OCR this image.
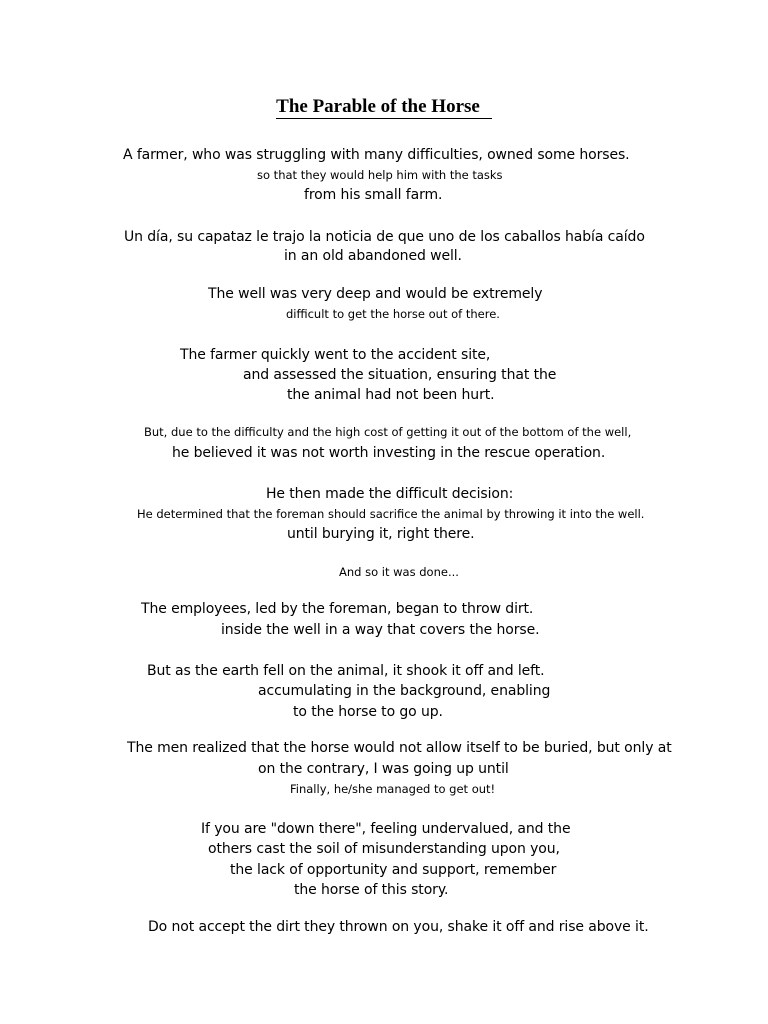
The Parable of the Horse
A farmer, who was struggling with many difficulties, owned some horses.
so that they would help him with the tasks
from his small farm.
Un día, su capataz le trajo la noticia de que uno de los caballos había caído
in an old abandoned well.
The well was very deep and would be extremely
difficult to get the horse out of there.
The farmer quickly went to the accident site,
and assessed the situation, ensuring that the
the animal had not been hurt.
But, due to the difficulty and the high cost of getting it out of the bottom of the well,
he believed it was not worth investing in the rescue operation.
He then made the difficult decision:
He determined that the foreman should sacrifice the animal by throwing it into the well.
until burying it, right there.
And so it was done...
The employees, led by the foreman, began to throw dirt.
inside the well in a way that covers the horse.
But as the earth fell on the animal, it shook it off and left.
accumulating in the background, enabling
to the horse to go up.
The men realized that the horse would not allow itself to be buried, but only at
on the contrary, I was going up until
Finally, he/she managed to get out!
If you are "down there", feeling undervalued, and the
others cast the soil of misunderstanding upon you,
the lack of opportunity and support, remember
the horse of this story.
Do not accept the dirt they thrown on you, shake it off and rise above it.
